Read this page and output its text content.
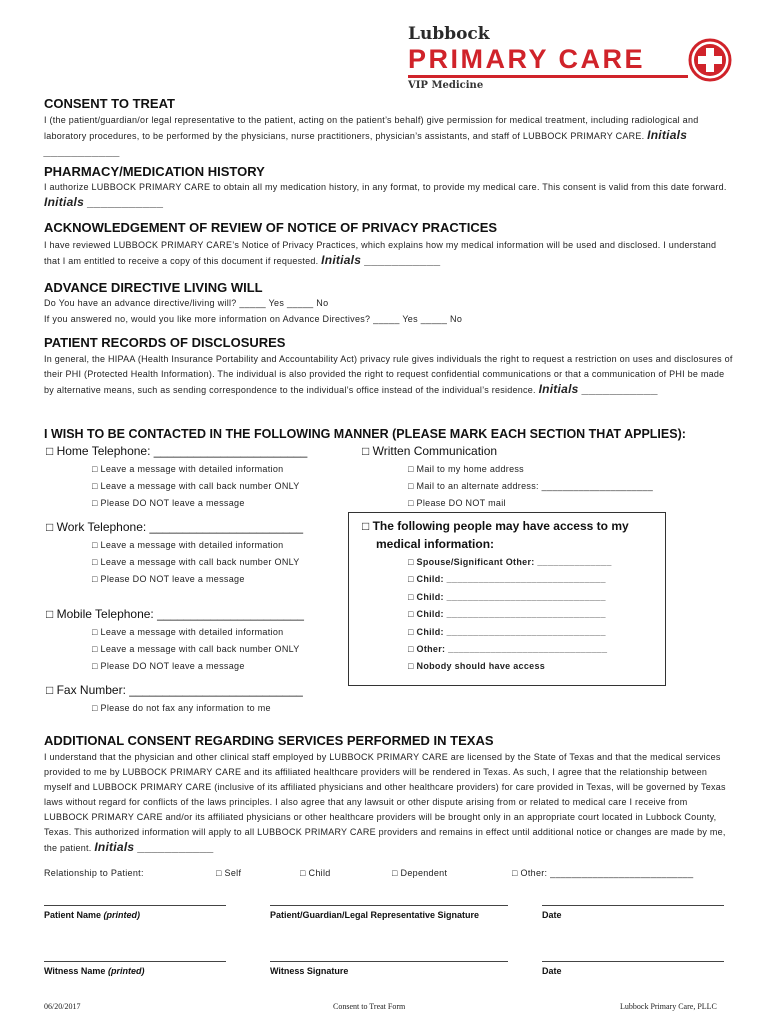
Lubbock
PRIMARY CARE
VIP Medicine
CONSENT TO TREAT
I (the patient/guardian/or legal representative to the patient, acting on the patient’s behalf) give permission for medical treatment, including radiological and laboratory procedures, to be performed by the physicians, nurse practitioners, physician’s assistants, and staff of LUBBOCK PRIMARY CARE. Initials ___________
PHARMACY/MEDICATION HISTORY
I authorize LUBBOCK PRIMARY CARE to obtain all my medication history, in any format, to provide my medical care. This consent is valid from this date forward. Initials ___________
ACKNOWLEDGEMENT OF REVIEW OF NOTICE OF PRIVACY PRACTICES
I have reviewed LUBBOCK PRIMARY CARE’s Notice of Privacy Practices, which explains how my medical information will be used and disclosed. I understand that I am entitled to receive a copy of this document if requested. Initials ___________
ADVANCE DIRECTIVE LIVING WILL
Do You have an advance directive/living will? _____ Yes _____ No
If you answered no, would you like more information on Advance Directives? _____ Yes _____ No
PATIENT RECORDS OF DISCLOSURES
In general, the HIPAA (Health Insurance Portability and Accountability Act) privacy rule gives individuals the right to request a restriction on uses and disclosures of their PHI (Protected Health Information). The individual is also provided the right to request confidential communications or that a communication of PHI be made by alternative means, such as sending correspondence to the individual’s office instead of the individual’s residence. Initials ___________
I WISH TO BE CONTACTED IN THE FOLLOWING MANNER (PLEASE MARK EACH SECTION THAT APPLIES):
□ Home Telephone: _______________________
□ Leave a message with detailed information
□ Leave a message with call back number ONLY
□ Please DO NOT leave a message
□ Written Communication
□ Mail to my home address
□ Mail to an alternate address: _____________________
□ Please DO NOT mail
□ Work Telephone: _______________________
□ Leave a message with detailed information
□ Leave a message with call back number ONLY
□ Please DO NOT leave a message
□ Mobile Telephone: ______________________
□ Leave a message with detailed information
□ Leave a message with call back number ONLY
□ Please DO NOT leave a message
□ Fax Number: __________________________
□ Please do not fax any information to me
□ The following people may have access to my
medical information:
□ Spouse/Significant Other: ______________
□ Child: ______________________________
□ Child: ______________________________
□ Child: ______________________________
□ Child: ______________________________
□ Other: ______________________________
□ Nobody should have access
ADDITIONAL CONSENT REGARDING SERVICES PERFORMED IN TEXAS
I understand that the physician and other clinical staff employed by LUBBOCK PRIMARY CARE are licensed by the State of Texas and that the medical services provided to me by LUBBOCK PRIMARY CARE and its affiliated healthcare providers will be rendered in Texas. As such, I agree that the relationship between myself and LUBBOCK PRIMARY CARE (inclusive of its affiliated physicians and other healthcare providers) for care provided in Texas, will be governed by Texas laws without regard for conflicts of the laws principles. I also agree that any lawsuit or other dispute arising from or related to medical care I receive from LUBBOCK PRIMARY CARE and/or its affiliated physicians or other healthcare providers will be brought only in an appropriate court located in Lubbock County, Texas. This authorized information will apply to all LUBBOCK PRIMARY CARE providers and remains in effect until additional notice or changes are made by me, the patient. Initials ___________
Relationship to Patient:	□ Self	□ Child	□ Dependent	□ Other: ___________________________
Patient Name (printed)	Patient/Guardian/Legal Representative Signature	Date
Witness Name (printed)	Witness Signature	Date
06/20/2017	Consent to Treat Form	Lubbock Primary Care, PLLC
